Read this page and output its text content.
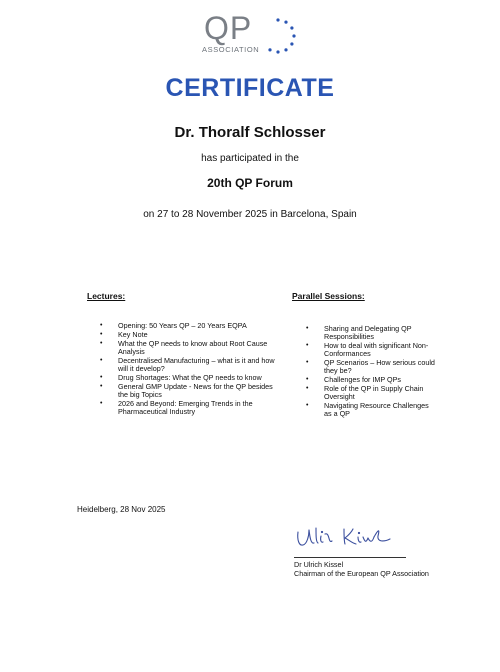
QP
ASSOCIATION
CERTIFICATE
Dr. Thoralf Schlosser
has participated in the
20th QP Forum
on 27 to 28 November 2025 in Barcelona, Spain
Lectures:
• Opening: 50 Years QP – 20 Years EQPA
• Key Note
• What the QP needs to know about Root Cause Analysis
• Decentralised Manufacturing – what is it and how will it develop?
• Drug Shortages: What the QP needs to know
• General GMP Update - News for the QP besides the big Topics
• 2026 and Beyond: Emerging Trends in the Pharmaceutical Industry
Parallel Sessions:
• Sharing and Delegating QP Responsibilities
• How to deal with significant Non-Conformances
• QP Scenarios – How serious could they be?
• Challenges for IMP QPs
• Role of the QP in Supply Chain Oversight
• Navigating Resource Challenges as a QP
Heidelberg, 28 Nov 2025
Dr Ulrich Kissel
Chairman of the European QP Association
